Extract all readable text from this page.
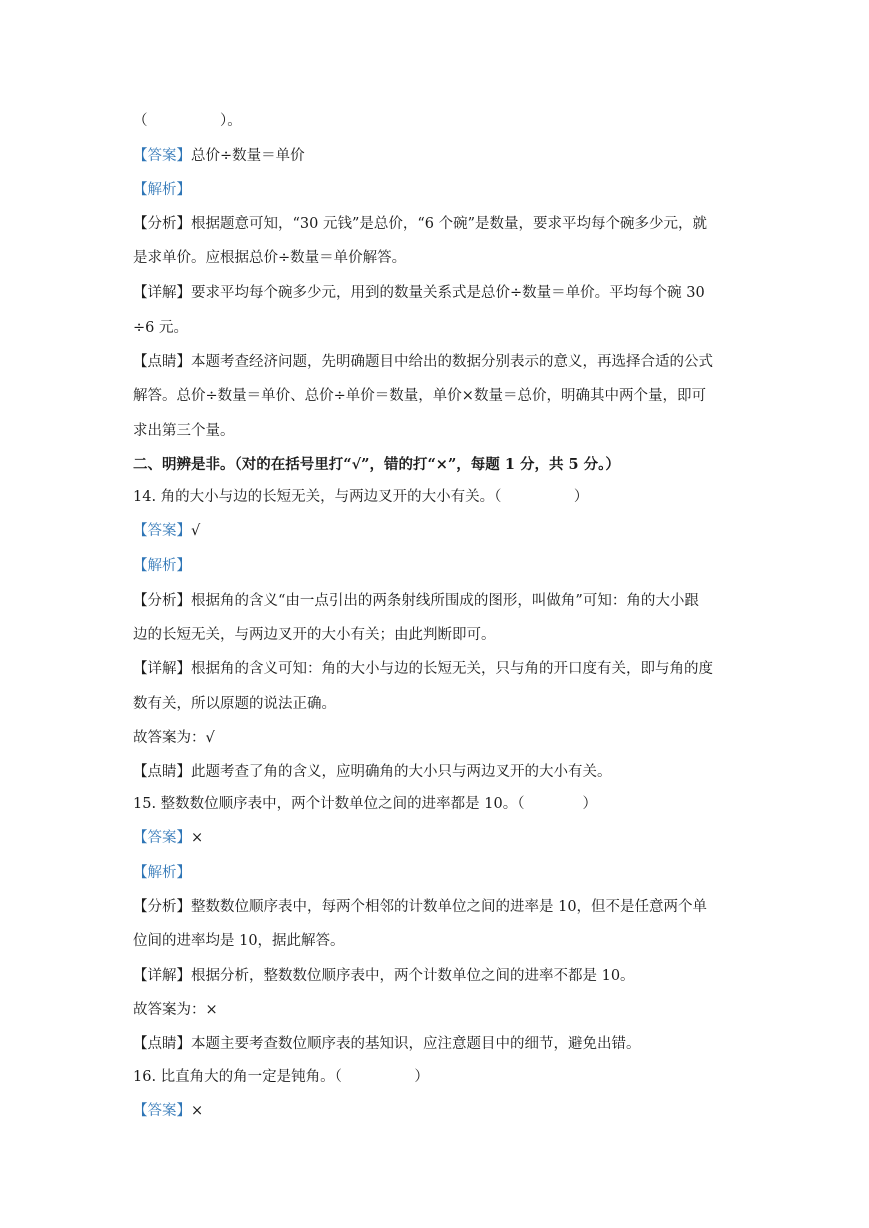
（　　　　　）。
【答案】总价÷数量＝单价
【解析】
【分析】根据题意可知，“30 元钱”是总价，“6 个碗”是数量，要求平均每个碗多少元，就
是求单价。应根据总价÷数量＝单价解答。
【详解】要求平均每个碗多少元，用到的数量关系式是总价÷数量＝单价。平均每个碗 30
÷6 元。
【点睛】本题考查经济问题，先明确题目中给出的数据分别表示的意义，再选择合适的公式
解答。总价÷数量＝单价、总价÷单价＝数量，单价×数量＝总价，明确其中两个量，即可
求出第三个量。
二、明辨是非。（对的在括号里打“√”，错的打“×”，每题 1 分，共 5 分。）
14. 角的大小与边的长短无关，与两边叉开的大小有关。（　　　　　）
【答案】√
【解析】
【分析】根据角的含义“由一点引出的两条射线所围成的图形，叫做角”可知：角的大小跟
边的长短无关，与两边叉开的大小有关；由此判断即可。
【详解】根据角的含义可知：角的大小与边的长短无关，只与角的开口度有关，即与角的度
数有关，所以原题的说法正确。
故答案为：√
【点睛】此题考查了角的含义，应明确角的大小只与两边叉开的大小有关。
15. 整数数位顺序表中，两个计数单位之间的进率都是 10。（　　　　）
【答案】×
【解析】
【分析】整数数位顺序表中，每两个相邻的计数单位之间的进率是 10，但不是任意两个单
位间的进率均是 10，据此解答。
【详解】根据分析，整数数位顺序表中，两个计数单位之间的进率不都是 10。
故答案为：×
【点睛】本题主要考查数位顺序表的基知识，应注意题目中的细节，避免出错。
16. 比直角大的角一定是钝角。（　　　　　）
【答案】×
